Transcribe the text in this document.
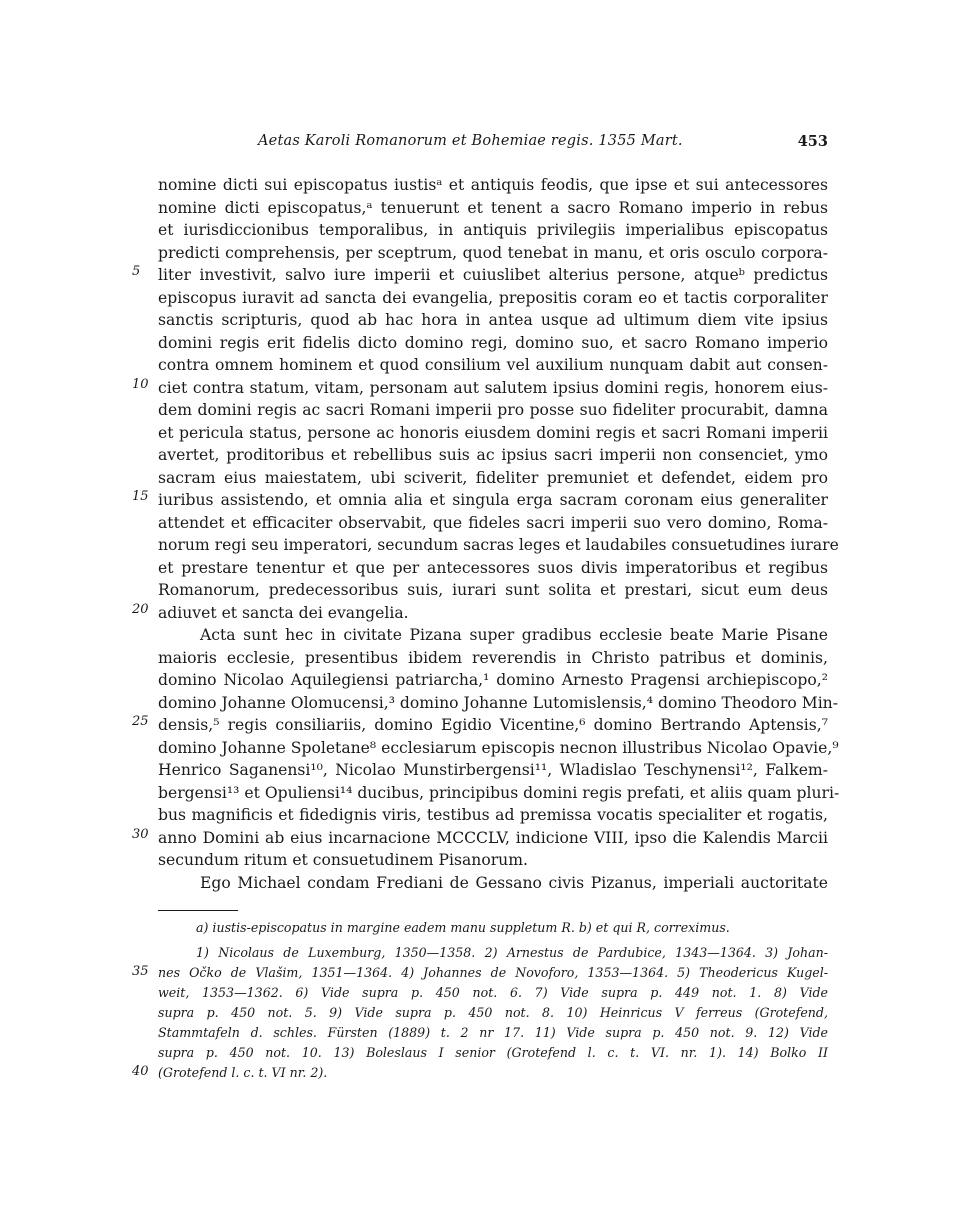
Aetas Karoli Romanorum et Bohemiae regis. 1355 Mart.	453
nomine dicti sui episcopatus iustisᵃ et antiquis feodis, que ipse et sui antecessores
nomine dicti episcopatus,ᵃ tenuerunt et tenent a sacro Romano imperio in rebus
et iurisdiccionibus temporalibus, in antiquis privilegiis imperialibus episcopatus
predicti comprehensis, per sceptrum, quod tenebat in manu, et oris osculo corpora-
liter investivit, salvo iure imperii et cuiuslibet alterius persone, atqueᵇ predictus
episcopus iuravit ad sancta dei evangelia, prepositis coram eo et tactis corporaliter
sanctis scripturis, quod ab hac hora in antea usque ad ultimum diem vite ipsius
domini regis erit fidelis dicto domino regi, domino suo, et sacro Romano imperio
contra omnem hominem et quod consilium vel auxilium nunquam dabit aut consen-
ciet contra statum, vitam, personam aut salutem ipsius domini regis, honorem eius-
dem domini regis ac sacri Romani imperii pro posse suo fideliter procurabit, damna
et pericula status, persone ac honoris eiusdem domini regis et sacri Romani imperii
avertet, proditoribus et rebellibus suis ac ipsius sacri imperii non consenciet, ymo
sacram eius maiestatem, ubi sciverit, fideliter premuniet et defendet, eidem pro
iuribus assistendo, et omnia alia et singula erga sacram coronam eius generaliter
attendet et efficaciter observabit, que fideles sacri imperii suo vero domino, Roma-
norum regi seu imperatori, secundum sacras leges et laudabiles consuetudines iurare
et prestare tenentur et que per antecessores suos divis imperatoribus et regibus
Romanorum, predecessoribus suis, iurari sunt solita et prestari, sicut eum deus
adiuvet et sancta dei evangelia.
Acta sunt hec in civitate Pizana super gradibus ecclesie beate Marie Pisane
maioris ecclesie, presentibus ibidem reverendis in Christo patribus et dominis,
domino Nicolao Aquilegiensi patriarcha,¹ domino Arnesto Pragensi archiepiscopo,²
domino Johanne Olomucensi,³ domino Johanne Lutomislensis,⁴ domino Theodoro Min-
densis,⁵ regis consiliariis, domino Egidio Vicentine,⁶ domino Bertrando Aptensis,⁷
domino Johanne Spoletane⁸ ecclesiarum episcopis necnon illustribus Nicolao Opavie,⁹
Henrico Saganensi¹⁰, Nicolao Munstirbergensi¹¹, Wladislao Teschynensi¹², Falkem-
bergensi¹³ et Opuliensi¹⁴ ducibus, principibus domini regis prefati, et aliis quam pluri-
bus magnificis et fidedignis viris, testibus ad premissa vocatis specialiter et rogatis,
anno Domini ab eius incarnacione MCCCLV, indicione VIII, ipso die Kalendis Marcii
secundum ritum et consuetudinem Pisanorum.
Ego Michael condam Frediani de Gessano civis Pizanus, imperiali auctoritate
5
10
15
20
25
30
a) iustis-episcopatus in margine eadem manu suppletum R. b) et qui R, correximus.
1) Nicolaus de Luxemburg, 1350—1358. 2) Arnestus de Pardubice, 1343—1364. 3) Johan-
nes Očko de Vlašim, 1351—1364. 4) Johannes de Novoforo, 1353—1364. 5) Theodericus Kugel-
weit, 1353—1362. 6) Vide supra p. 450 not. 6. 7) Vide supra p. 449 not. 1. 8) Vide
supra p. 450 not. 5. 9) Vide supra p. 450 not. 8. 10) Heinricus V ferreus (Grotefend,
Stammtafeln d. schles. Fürsten (1889) t. 2 nr 17. 11) Vide supra p. 450 not. 9. 12) Vide
supra p. 450 not. 10. 13) Boleslaus I senior (Grotefend l. c. t. VI. nr. 1). 14) Bolko II
(Grotefend l. c. t. VI nr. 2).
35
40
